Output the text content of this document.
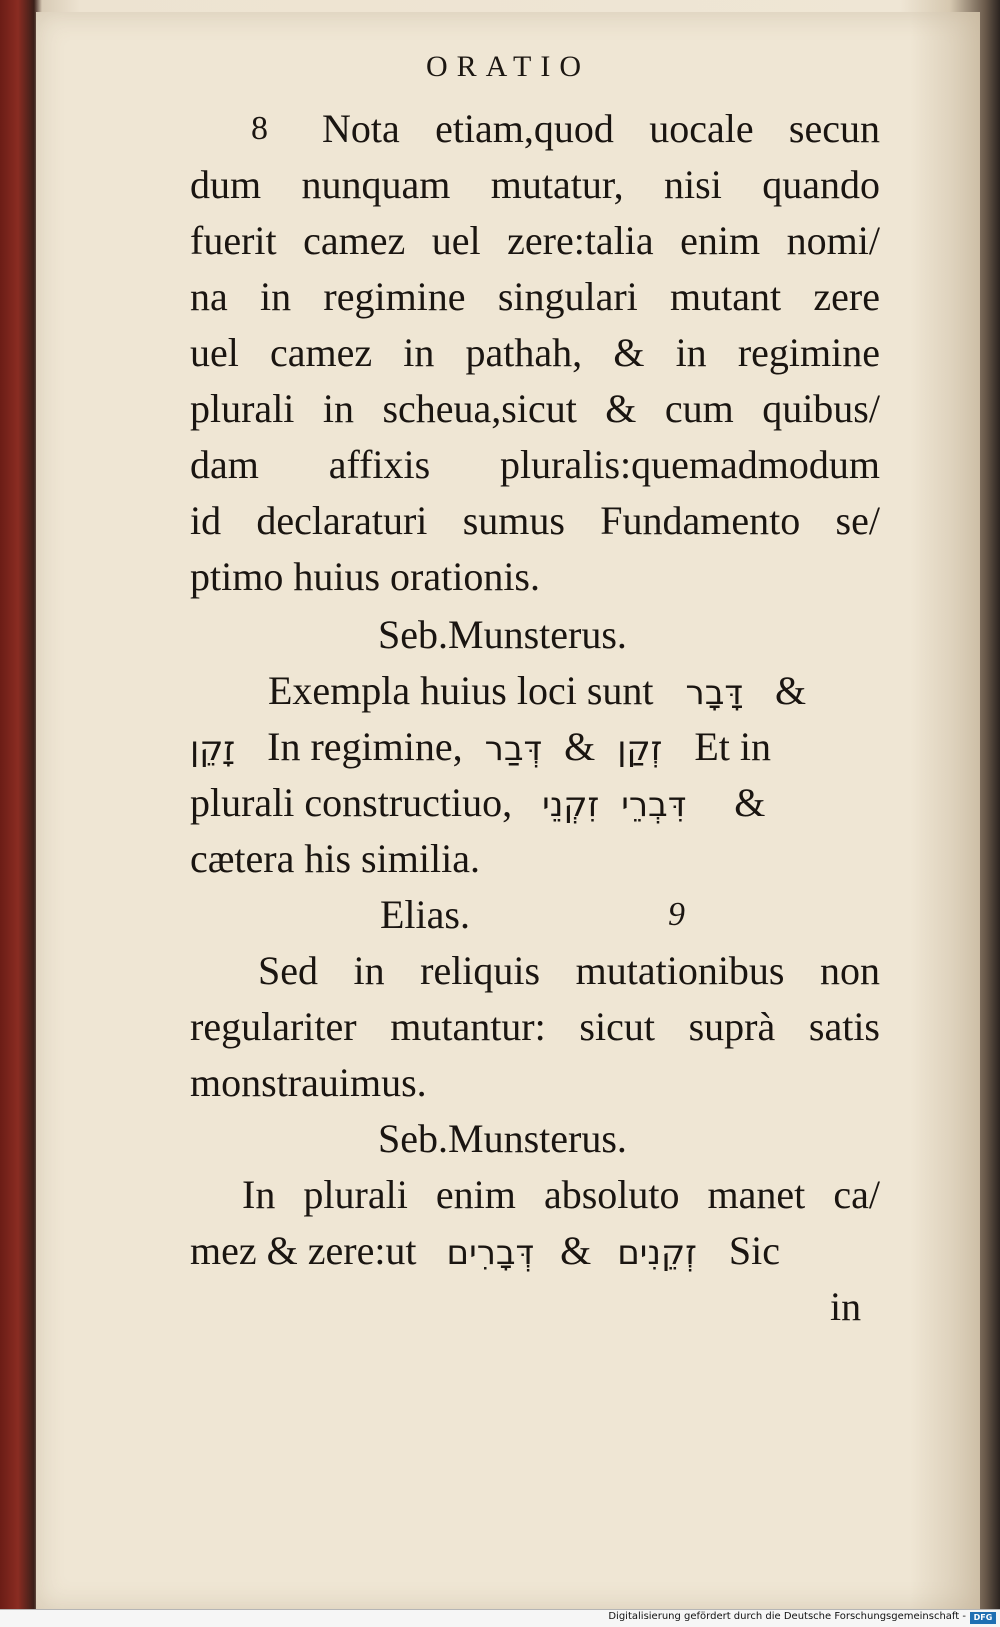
ORATIO
8 Nota etiam,quod uocale secun
dum nunquam mutatur, nisi quando
fuerit camez uel zere:talia enim nomi/
na in regimine singulari mutant zere
uel camez in pathah, & in regimine
plurali in scheua,sicut & cum quibus/
dam affixis pluralis:quemadmodum
id declaraturi sumus Fundamento se/
ptimo huius orationis.
Seb.Munsterus.
Exempla huius loci sunt דָּבָר &
זָקֵן In regimine, דְּבַר & זְקַן Et in
plurali constructiuo, זִקְנֵי דִּבְרֵי &
cætera his similia.
Elias.	9
Sed in reliquis mutationibus non
regulariter mutantur: sicut suprà satis
monstrauimus.
Seb.Munsterus.
In plurali enim absoluto manet ca/
mez & zere:ut דְּבָרִים & זְקֵנִים Sic
in
Digitalisierung gefördert durch die Deutsche Forschungsgemeinschaft - DFG
